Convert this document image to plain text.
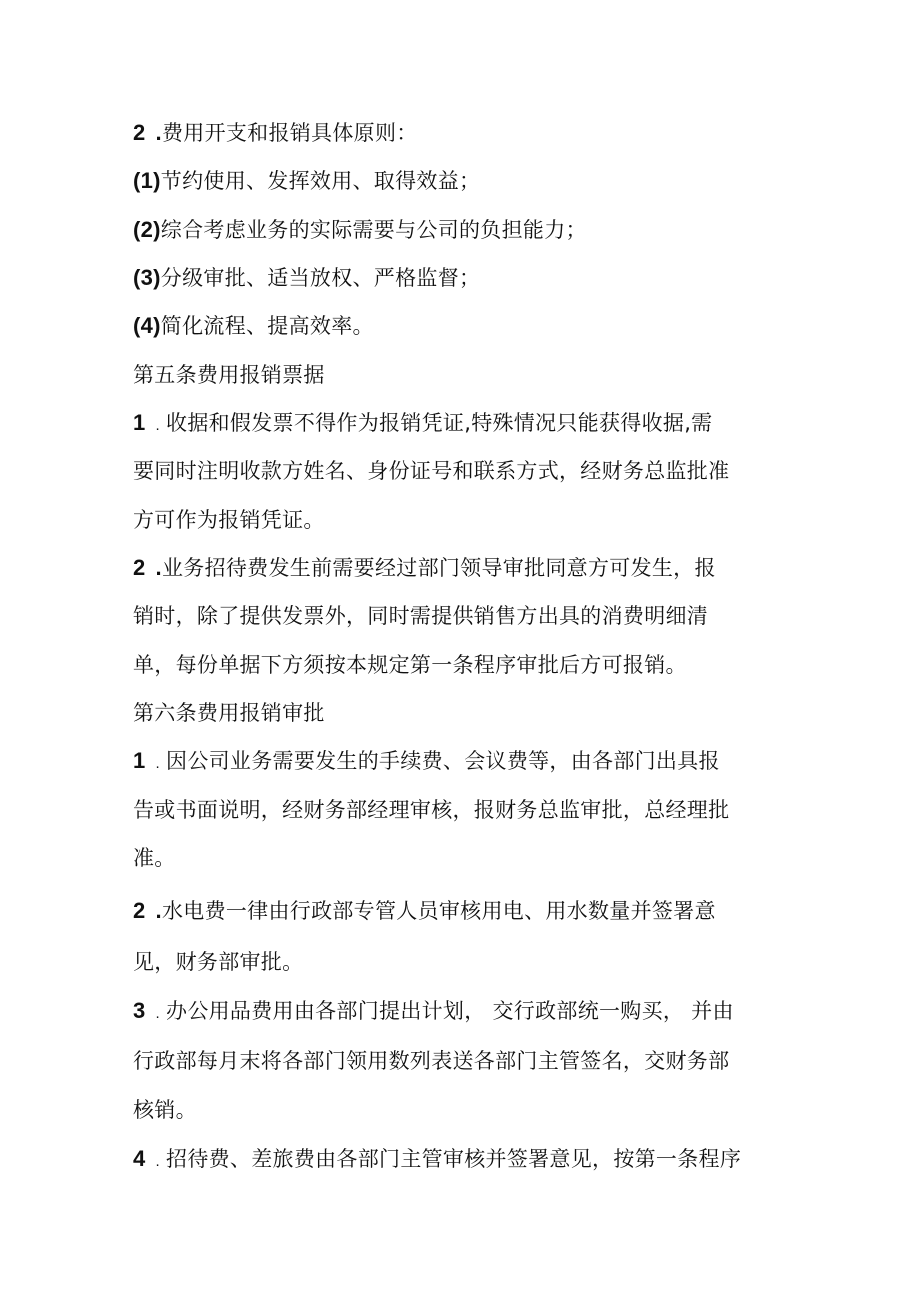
2 .费用开支和报销具体原则：
(1)节约使用、发挥效用、取得效益；
(2)综合考虑业务的实际需要与公司的负担能力；
(3)分级审批、适当放权、严格监督；
(4)简化流程、提高效率。
第五条费用报销票据
1 . 收据和假发票不得作为报销凭证,特殊情况只能获得收据,需
要同时注明收款方姓名、身份证号和联系方式，经财务总监批准
方可作为报销凭证。
2 .业务招待费发生前需要经过部门领导审批同意方可发生，报
销时，除了提供发票外，同时需提供销售方出具的消费明细清
单，每份单据下方须按本规定第一条程序审批后方可报销。
第六条费用报销审批
1 . 因公司业务需要发生的手续费、会议费等，由各部门出具报
告或书面说明，经财务部经理审核，报财务总监审批，总经理批
准。
2 .水电费一律由行政部专管人员审核用电、用水数量并签署意
见，财务部审批。
3 . 办公用品费用由各部门提出计划， 交行政部统一购买， 并由
行政部每月末将各部门领用数列表送各部门主管签名，交财务部
核销。
4 . 招待费、差旅费由各部门主管审核并签署意见，按第一条程序
